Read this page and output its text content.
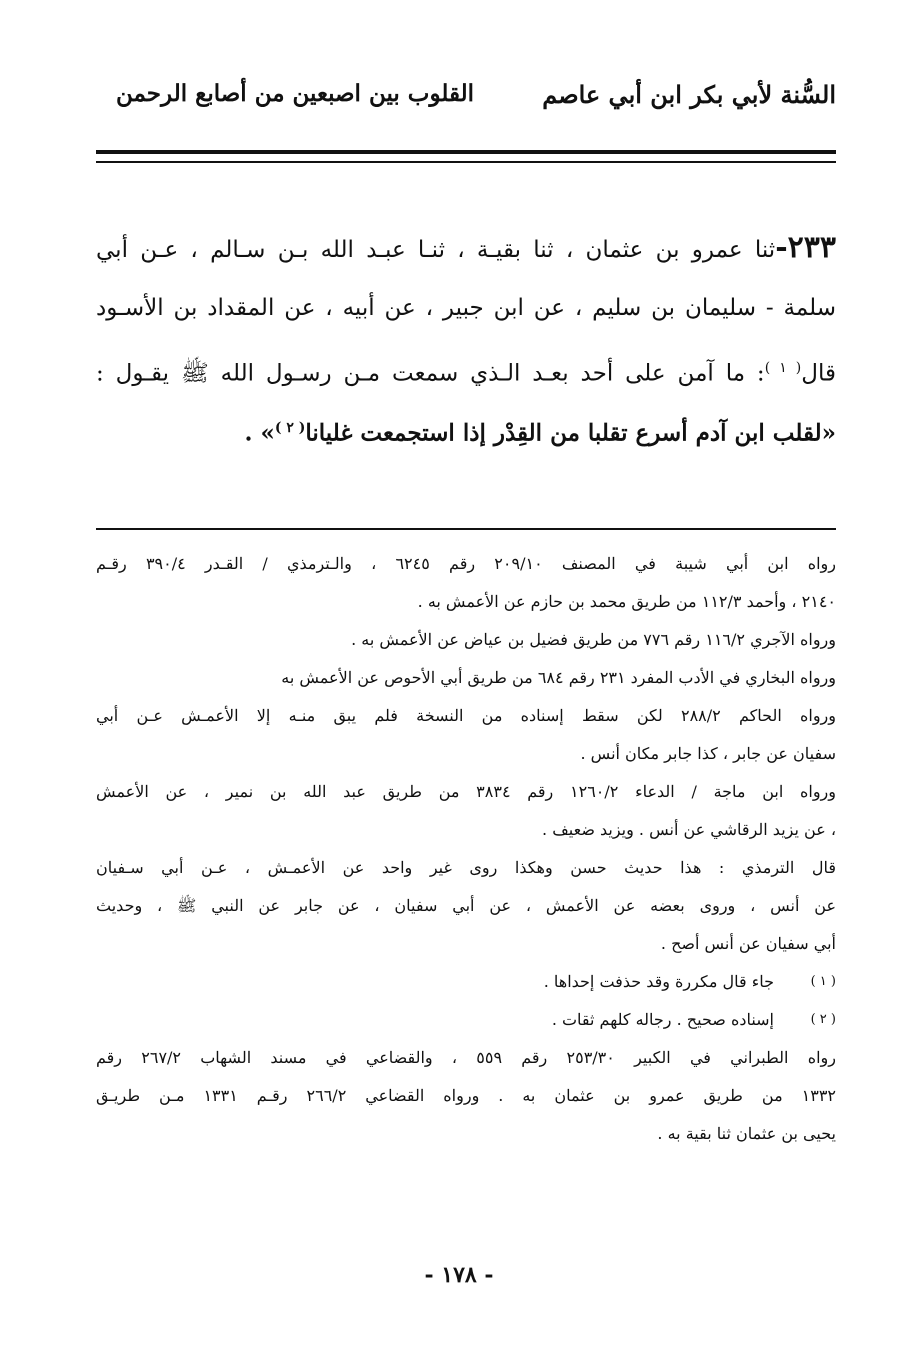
السُّنة لأبي بكر ابن أبي عاصم
القلوب بين اصبعين من أصابع الرحمن
٢٣٣-ثنا عمرو بن عثمان ، ثنا بقيـة ، ثنـا عبـد الله بـن سـالم ، عـن أبي
سلمة - سليمان بن سليم ، عن ابن جبير ، عن أبيه ، عن المقداد بن الأسـود
قال$^{( ١ )}$: ما آمن على أحد بعـد الـذي سمعت مـن رسـول الله ﷺ يقـول :
«لقلب ابن آدم أسرع تقلبا من القِدْر إذا استجمعت غليانا$^{( ٢ )}$» .
رواه ابن أبي شيبة في المصنف ٢٠٩/١٠ رقم ٦٢٤٥ ، والـترمذي / القـدر ٣٩٠/٤ رقـم
٢١٤٠ ، وأحمد ١١٢/٣ من طريق محمد بن حازم عن الأعمش به .
ورواه الآجري ١١٦/٢ رقم ٧٧٦ من طريق فضيل بن عياض عن الأعمش به .
ورواه البخاري في الأدب المفرد ٢٣١ رقم ٦٨٤ من طريق أبي الأحوص عن الأعمش به
ورواه الحاكم ٢٨٨/٢ لكن سقط إسناده من النسخة فلم يبق منـه إلا الأعمـش عـن أبي
سفيان عن جابر ، كذا جابر مكان أنس .
ورواه ابن ماجة / الدعاء ١٢٦٠/٢ رقم ٣٨٣٤ من طريق عبد الله بن نمير ، عن الأعمش
، عن يزيد الرقاشي عن أنس . ويزيد ضعيف .
قال الترمذي : هذا حديث حسن وهكذا روى غير واحد عن الأعمـش ، عـن أبي سـفيان
عن أنس ، وروى بعضه عن الأعمش ، عن أبي سفيان ، عن جابر عن النبي ﷺ ، وحديث
أبي سفيان عن أنس أصح .
( ١ )
جاء قال مكررة وقد حذفت إحداها .
( ٢ )
إسناده صحيح . رجاله كلهم ثقات .
رواه الطبراني في الكبير ٢٥٣/٣٠ رقم ٥٥٩ ، والقضاعي في مسند الشهاب ٢٦٧/٢ رقم
١٣٣٢ من طريق عمرو بن عثمان به . ورواه القضاعي ٢٦٦/٢ رقـم ١٣٣١ مـن طريـق
يحيى بن عثمان ثنا بقية به .
- ١٧٨ -
